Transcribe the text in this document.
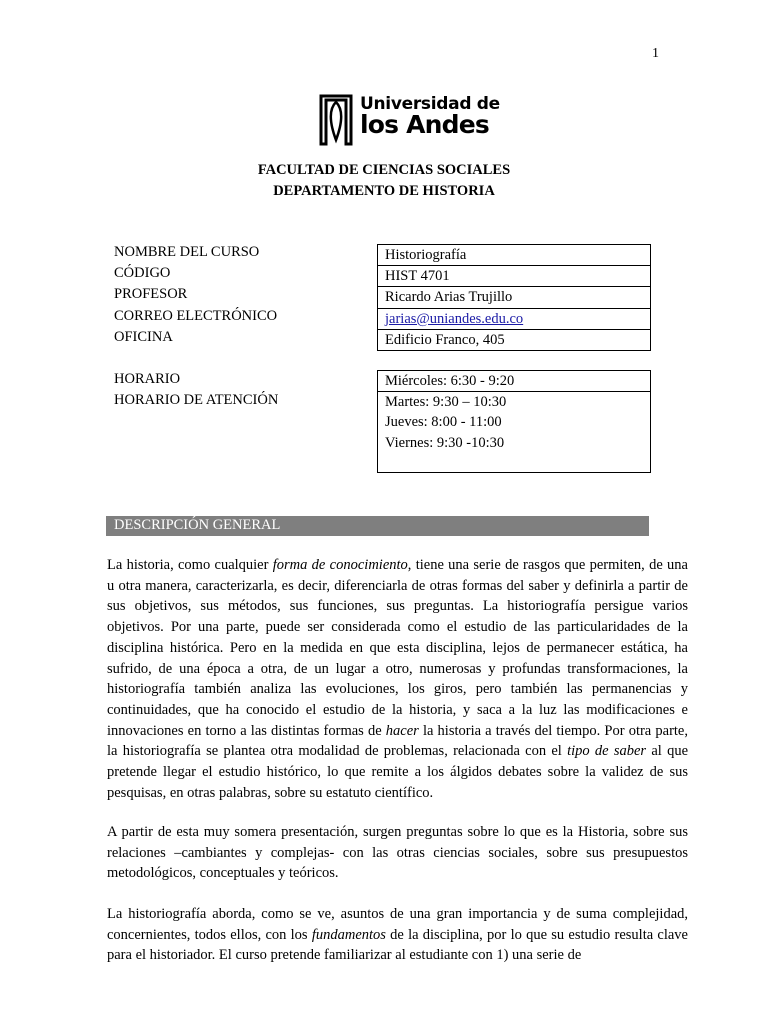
1
Universidad de
los Andes
FACULTAD DE CIENCIAS SOCIALES
DEPARTAMENTO DE HISTORIA
NOMBRE DEL CURSO
CÓDIGO
PROFESOR
CORREO ELECTRÓNICO
OFICINA
Historiografía
HIST 4701
Ricardo Arias Trujillo
jarias@uniandes.edu.co
Edificio Franco, 405
HORARIO
HORARIO DE ATENCIÓN
Miércoles: 6:30 - 9:20
Martes: 9:30 – 10:30
Jueves: 8:00 - 11:00
Viernes: 9:30 -10:30
DESCRIPCIÓN GENERAL

La historia, como cualquier forma de conocimiento, tiene una serie de rasgos que permiten, de una u otra manera, caracterizarla, es decir, diferenciarla de otras formas del saber y definirla a partir de sus objetivos, sus métodos, sus funciones, sus preguntas. La historiografía persigue varios objetivos. Por una parte, puede ser considerada como el estudio de las particularidades de la disciplina histórica. Pero en la medida en que esta disciplina, lejos de permanecer estática, ha sufrido, de una época a otra, de un lugar a otro, numerosas y profundas transformaciones, la historiografía también analiza las evoluciones, los giros, pero también las permanencias y continuidades, que ha conocido el estudio de la historia, y saca a la luz las modificaciones e innovaciones en torno a las distintas formas de hacer la historia a través del tiempo. Por otra parte, la historiografía se plantea otra modalidad de problemas, relacionada con el tipo de saber al que pretende llegar el estudio histórico, lo que remite a los álgidos debates sobre la validez de sus pesquisas, en otras palabras, sobre su estatuto científico.

A partir de esta muy somera presentación, surgen preguntas sobre lo que es la Historia, sobre sus relaciones –cambiantes y complejas- con las otras ciencias sociales, sobre sus presupuestos metodológicos, conceptuales y teóricos.

La historiografía aborda, como se ve, asuntos de una gran importancia y de suma complejidad, concernientes, todos ellos, con los fundamentos de la disciplina, por lo que su estudio resulta clave para el historiador. El curso pretende familiarizar al estudiante con 1) una serie de
